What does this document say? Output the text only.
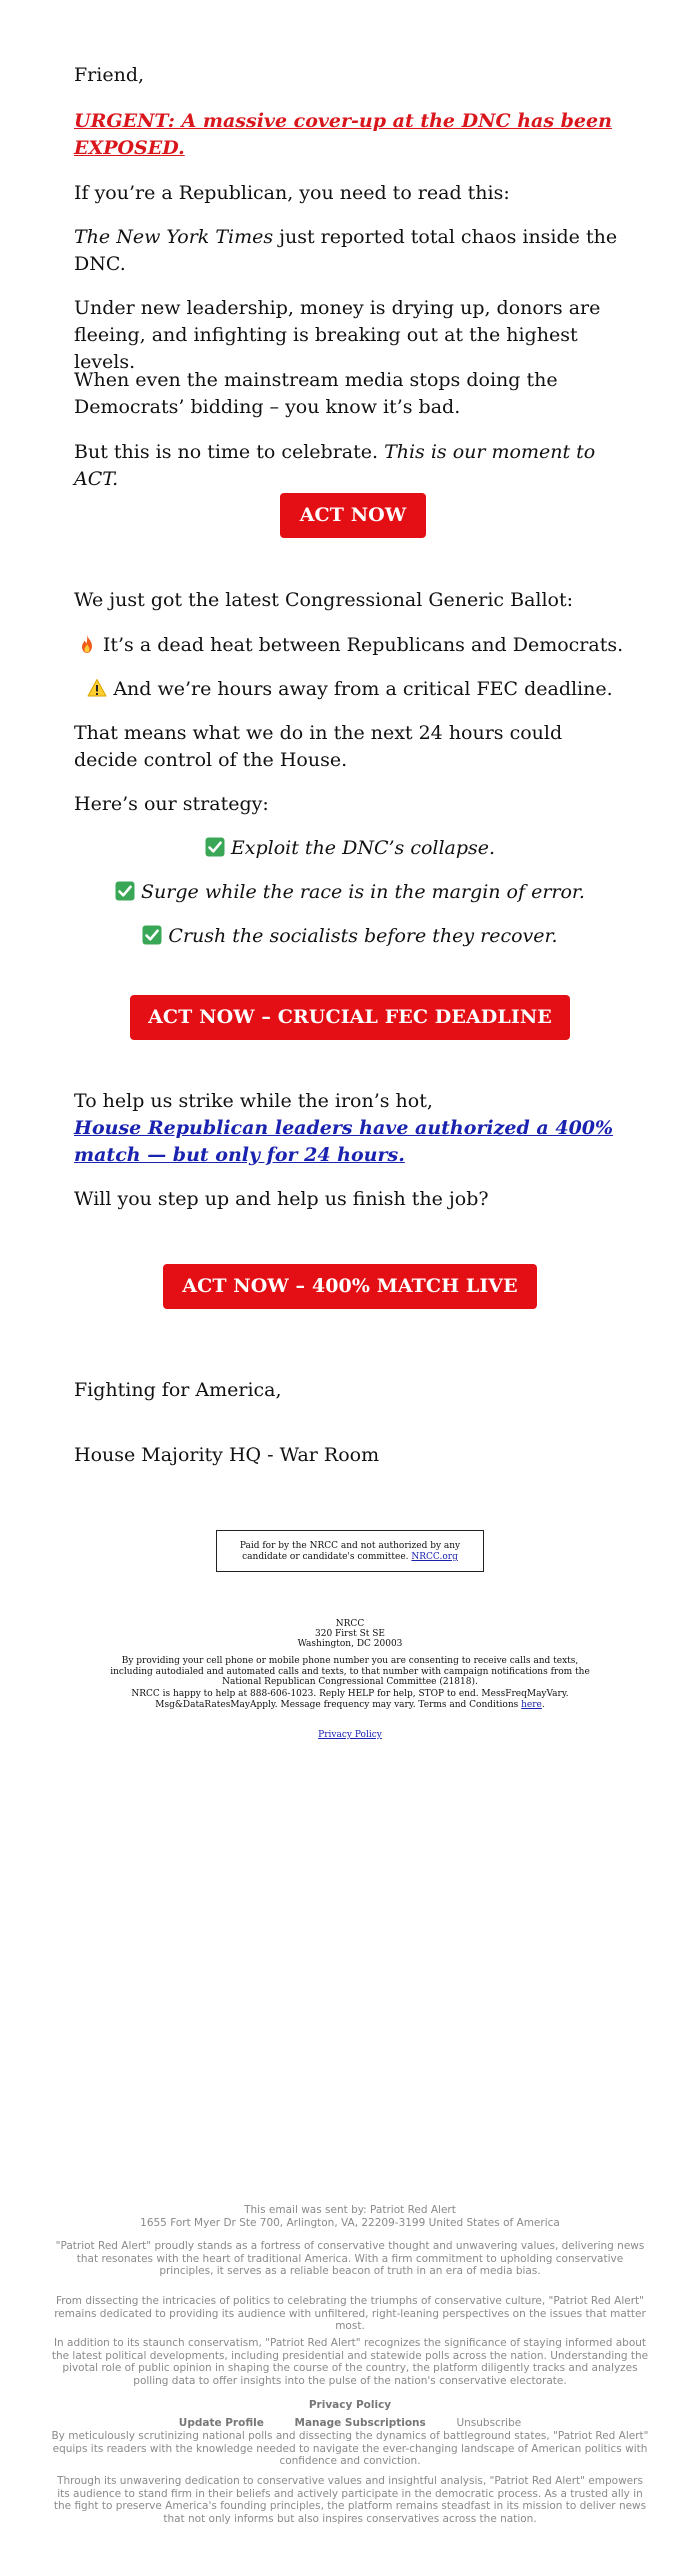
Friend,

URGENT: A massive cover-up at the DNC has been EXPOSED.

If you’re a Republican, you need to read this:

The New York Times just reported total chaos inside the DNC.

Under new leadership, money is drying up, donors are fleeing, and infighting is breaking out at the highest levels.

When even the mainstream media stops doing the Democrats’ bidding – you know it’s bad.

But this is no time to celebrate. This is our moment to ACT.

ACT NOW

We just got the latest Congressional Generic Ballot:

It’s a dead heat between Republicans and Democrats.
And we’re hours away from a critical FEC deadline.

That means what we do in the next 24 hours could decide control of the House.

Here’s our strategy:

Exploit the DNC’s collapse.
Surge while the race is in the margin of error.
Crush the socialists before they recover.
ACT NOW – CRUCIAL FEC DEADLINE

To help us strike while the iron’s hot,

House Republican leaders have authorized a 400% match — but only for 24 hours.

Will you step up and help us finish the job?

ACT NOW – 400% MATCH LIVE

Fighting for America,

House Majority HQ - War Room

Paid for by the NRCC and not authorized by any candidate or candidate's committee. NRCC.org
NRCC
320 First St SE
Washington, DC 20003
By providing your cell phone or mobile phone number you are consenting to receive calls and texts, including autodialed and automated calls and texts, to that number with campaign notifications from the National Republican Congressional Committee (21818).
NRCC is happy to help at 888-606-1023. Reply HELP for help, STOP to end. MessFreqMayVary. Msg&DataRatesMayApply. Message frequency may vary. Terms and Conditions here.
Privacy Policy
This email was sent by: Patriot Red Alert
1655 Fort Myer Dr Ste 700, Arlington, VA, 22209-3199 United States of America
"Patriot Red Alert" proudly stands as a fortress of conservative thought and unwavering values, delivering news that resonates with the heart of traditional America. With a firm commitment to upholding conservative principles, it serves as a reliable beacon of truth in an era of media bias.
From dissecting the intricacies of politics to celebrating the triumphs of conservative culture, "Patriot Red Alert" remains dedicated to providing its audience with unfiltered, right-leaning perspectives on the issues that matter most.
In addition to its staunch conservatism, "Patriot Red Alert" recognizes the significance of staying informed about the latest political developments, including presidential and statewide polls across the nation. Understanding the pivotal role of public opinion in shaping the course of the country, the platform diligently tracks and analyzes polling data to offer insights into the pulse of the nation's conservative electorate.
Privacy Policy
Update Profile	Manage Subscriptions	Unsubscribe
By meticulously scrutinizing national polls and dissecting the dynamics of battleground states, "Patriot Red Alert" equips its readers with the knowledge needed to navigate the ever-changing landscape of American politics with confidence and conviction.
Through its unwavering dedication to conservative values and insightful analysis, "Patriot Red Alert" empowers its audience to stand firm in their beliefs and actively participate in the democratic process. As a trusted ally in the fight to preserve America's founding principles, the platform remains steadfast in its mission to deliver news that not only informs but also inspires conservatives across the nation.
